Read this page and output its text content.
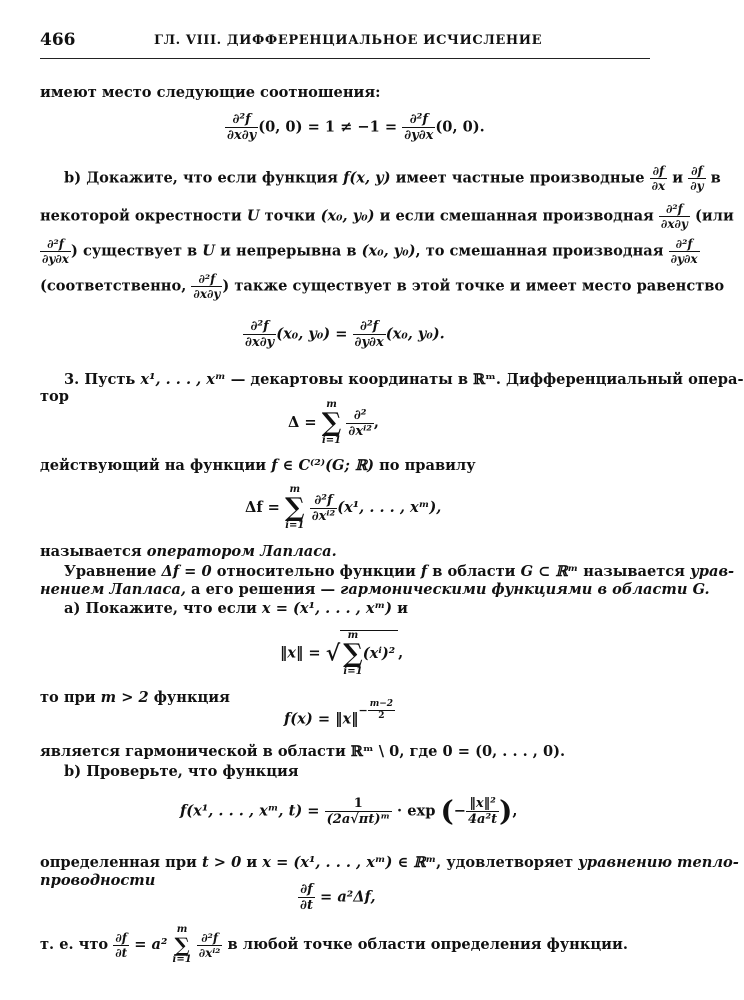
466	ГЛ. VIII. ДИФФЕРЕНЦИАЛЬНОЕ ИСЧИСЛЕНИЕ
имеют место следующие соотношения:
$\frac{\text{∂²f}}{\partial x\partial y} (0$, $0) = 1 \ne -1 = \frac{\text{∂²f}}{\partial y\partial x} (0$, 0).
b) Докажите, что если функция f(x, y) имеет частные производные $\frac{\partial f}{\partial x}$ и $\frac{\partial f}{\partial y}$ в
некоторой окрестности U точки (x₀, y₀) и если смешанная производная $\frac{\text{∂²f}}{\partial x\partial y} (или$
$\frac{\text{∂²f}}{\partial y\partial x}$ ) существует в U и непрерывна в (x₀, y₀), то смешанная производная $\frac{\text{∂²f}}{\partial y\partial x}$
(соответственно, $\frac{\text{∂²f}}{\partial x\partial y}$ ) также существует в этой точке и имеет место равенство
$\frac{\text{∂²f}}{\partial x\partial y} (x_0$, $y_0) = \frac{\text{∂²f}}{\partial y\partial x} (x_0$, y₀).
3. Пусть x¹, . . . , xᵐ — декартовы координаты в ℝᵐ. Дифференциальный опера-
тор
Δ =
m
∑
i=1

∂²
∂xⁱ² ,
действующий на функции f ∈ C⁽²⁾(G; ℝ) по правилу
Δf =
m
∑
i=1

$\frac{\text{∂²f}}{\text{∂xⁱ²}} (x^1$, . . . , xᵐ),
называется оператором Лапласа.
Уравнение Δf = 0 относительно функции f в области G ⊂ ℝᵐ называется урав-
нением Лапласа, а его решения — гармоническими функциями в области G.
а) Покажите, что если x = (x¹, . . . , xᵐ) и
‖x‖ = √
m
∑
i=1
(xⁱ)² ,
то при m > 2 функция
f(x) = ‖x‖$^{- \frac{m-2}{2}}$
является гармонической в области ℝᵐ \ 0, где 0 = (0, . . . , 0).
b) Проверьте, что функция
f(x¹, . . . , xᵐ, $t) = \frac{1}{\text{(2a√πt)ᵐ}} \cdot \exp$ (− $\frac{\text{‖x‖²}}{\text{4a²t}}$ ),
определенная при t > 0 и x = (x¹, . . . , xᵐ) ∈ ℝᵐ, удовлетворяет уравнению тепло-
проводности
$\frac{\partial f}{\partial t} = a^2\Delta f$,
т. е. что $\frac{\partial f}{\partial t} = a^2$
m
∑
i=1

$\frac{\text{∂²f}}{\text{∂xⁱ²}}$ в любой точке области определения функции.
